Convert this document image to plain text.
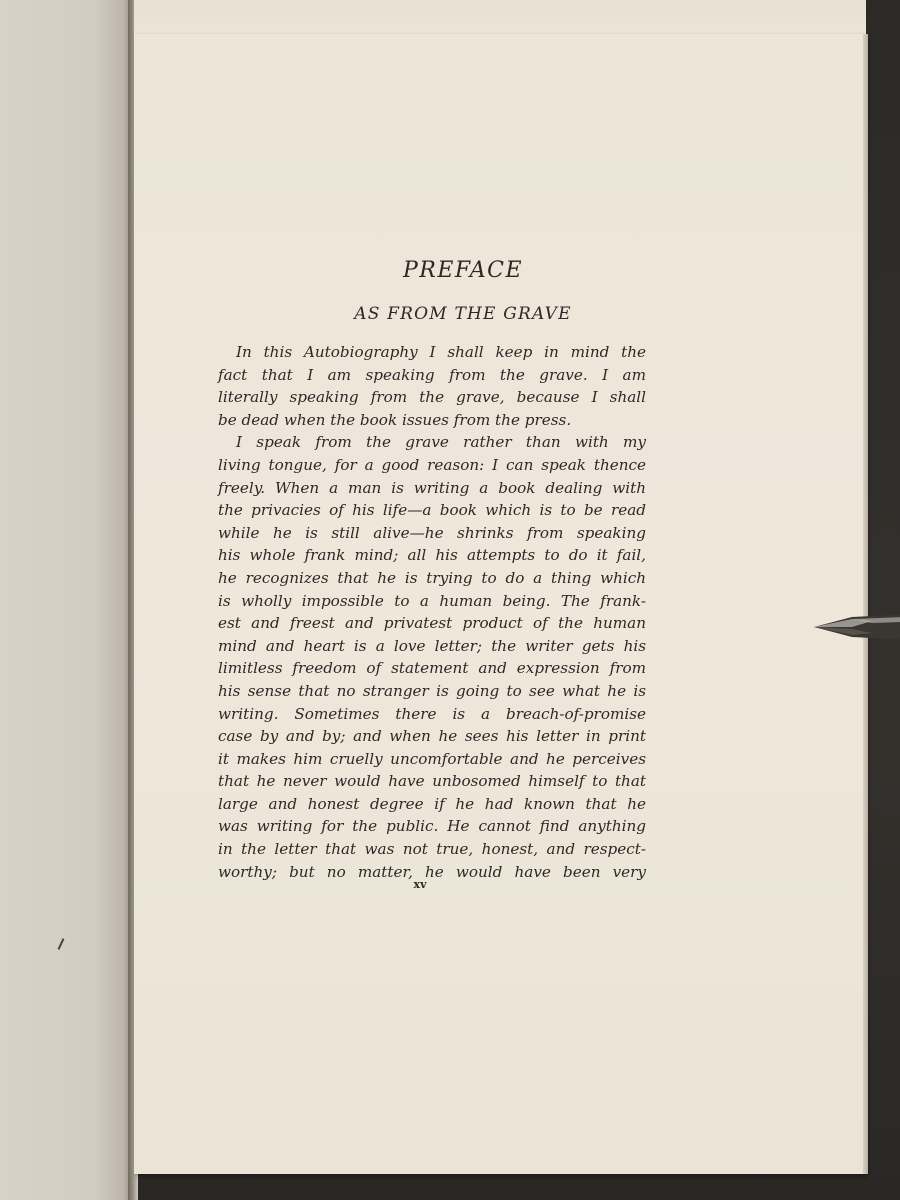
PREFACE
AS FROM THE GRAVE
In this Autobiography I shall keep in mind the
fact that I am speaking from the grave. I am
literally speaking from the grave, because I shall
be dead when the book issues from the press.
I speak from the grave rather than with my
living tongue, for a good reason: I can speak thence
freely. When a man is writing a book dealing with
the privacies of his life—a book which is to be read
while he is still alive—he shrinks from speaking
his whole frank mind; all his attempts to do it fail,
he recognizes that he is trying to do a thing which
is wholly impossible to a human being. The frank-
est and freest and privatest product of the human
mind and heart is a love letter; the writer gets his
limitless freedom of statement and expression from
his sense that no stranger is going to see what he is
writing. Sometimes there is a breach-of-promise
case by and by; and when he sees his letter in print
it makes him cruelly uncomfortable and he perceives
that he never would have unbosomed himself to that
large and honest degree if he had known that he
was writing for the public. He cannot find anything
in the letter that was not true, honest, and respect-
worthy; but no matter, he would have been very
xv
